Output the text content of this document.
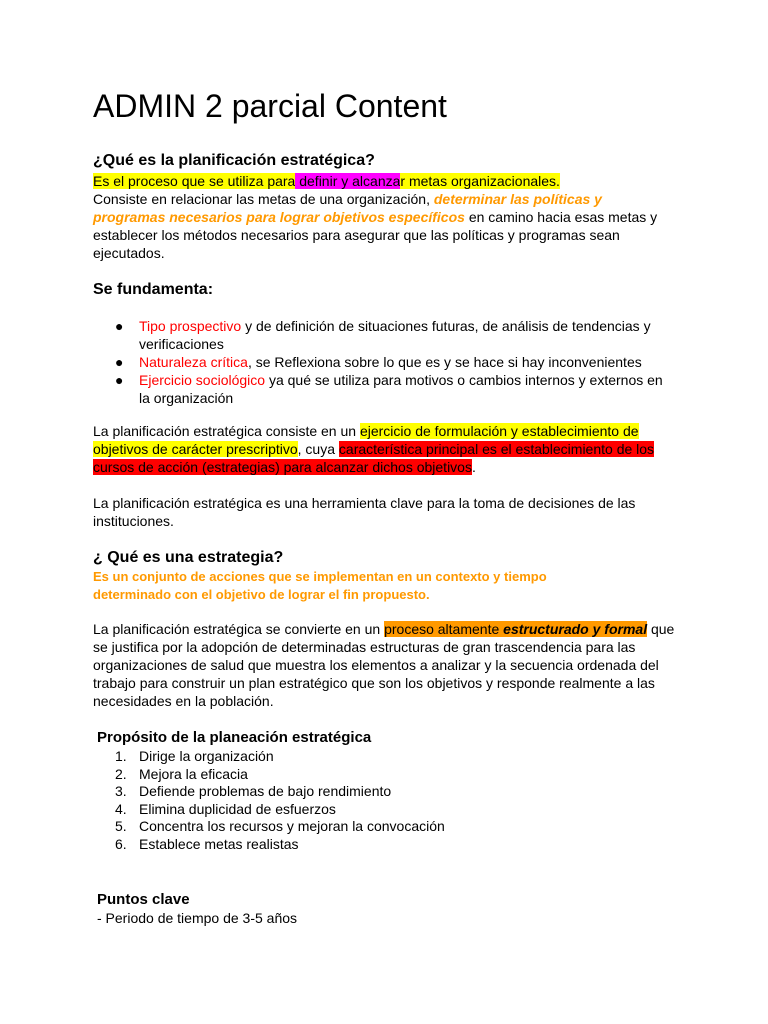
ADMIN 2 parcial Content
¿Qué es la planificación estratégica?

Es el proceso que se utiliza para definir y alcanzar metas organizacionales.

Consiste en relacionar las metas de una organización, determinar las políticas y programas necesarios para lograr objetivos específicos en camino hacia esas metas y establecer los métodos necesarios para asegurar que las políticas y programas sean ejecutados.

Se fundamenta:
● Tipo prospectivo y de definición de situaciones futuras, de análisis de tendencias y verificaciones
● Naturaleza crítica, se Reflexiona sobre lo que es y se hace si hay inconvenientes
● Ejercicio sociológico ya qué se utiliza para motivos o cambios internos y externos en la organización

La planificación estratégica consiste en un ejercicio de formulación y establecimiento de objetivos de carácter prescriptivo, cuya característica principal es el establecimiento de los cursos de acción (estrategias) para alcanzar dichos objetivos.

La planificación estratégica es una herramienta clave para la toma de decisiones de las instituciones.

¿ Qué es una estrategia?

Es un conjunto de acciones que se implementan en un contexto y tiempo determinado con el objetivo de lograr el fin propuesto.

La planificación estratégica se convierte en un proceso altamente estructurado y formal que se justifica por la adopción de determinadas estructuras de gran trascendencia para las organizaciones de salud que muestra los elementos a analizar y la secuencia ordenada del trabajo para construir un plan estratégico que son los objetivos y responde realmente a las necesidades en la población.

Propósito de la planeación estratégica
1. Dirige la organización
2. Mejora la eficacia
3. Defiende problemas de bajo rendimiento
4. Elimina duplicidad de esfuerzos
5. Concentra los recursos y mejoran la convocación
6. Establece metas realistas
Puntos clave

- Periodo de tiempo de 3-5 años
